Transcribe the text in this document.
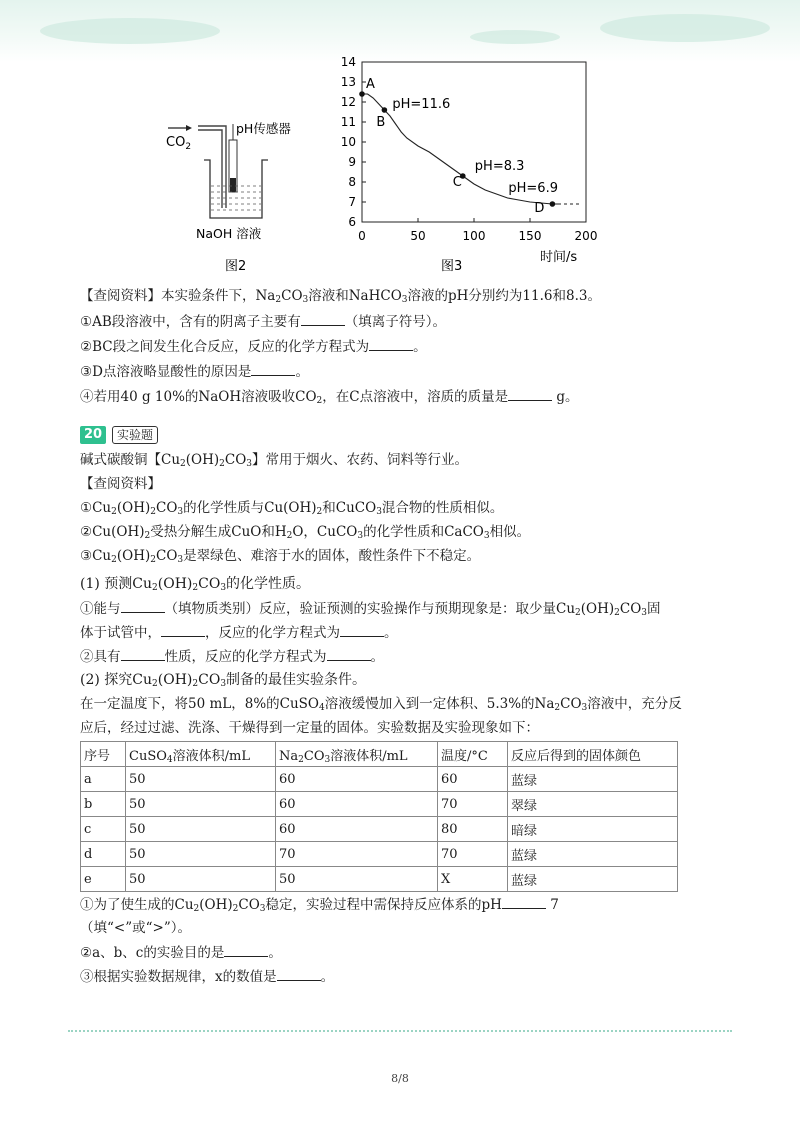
$CO_2$
pH传感器
NaOH 溶液
图2
6
7
8
9
10
11
12
13
14
0	50	100	150	200
A
B
pH=11.6
C
pH=8.3
D
pH=6.9
时间/s
图3
【查阅资料】本实验条件下，$Na_2CO_3$溶液和NaHCO$_3$溶液的pH分别约为11.6和8.3。
①AB段溶液中，含有的阴离子主要有	（填离子符号）。
②BC段之间发生化合反应，反应的化学方程式为	。
③D点溶液略显酸性的原因是	。
④若用40 g 10%的NaOH溶液吸收$CO_2$，在C点溶液中，溶质的质量是	g。
20	实验题
碱式碳酸铜【$Cu_2(OH)_2CO_3$】常用于烟火、农药、饲料等行业。
【查阅资料】
$①Cu_2(OH)_2CO_3$的化学性质与$Cu(OH)_2$和CuCO$_3$混合物的性质相似。
$②Cu(OH)_2$受热分解生成CuO和$H_2O$，CuCO$_3$的化学性质和CaCO$_3$相似。
$③Cu_2(OH)_2CO_3$是翠绿色、难溶于水的固体，酸性条件下不稳定。
(1) 预测$Cu_2(OH)_2CO_3$的化学性质。
①能与	（填物质类别）反应，验证预测的实验操作与预期现象是：取少量$Cu_2(OH)_2CO_3$固
体于试管中，	，反应的化学方程式为	。
②具有	性质，反应的化学方程式为	。
(2) 探究$Cu_2(OH)_2CO_3$制备的最佳实验条件。
在一定温度下，将50 mL，8%的CuSO$_4$溶液缓慢加入到一定体积、5.3%的$Na_2CO_3$溶液中，充分反
应后，经过过滤、洗涤、干燥得到一定量的固体。实验数据及实验现象如下：
序号	CuSO$_4$溶液体积/mL	$Na_2CO_3$溶液体积/mL	温度/°C	反应后得到的固体颜色
a	50	60	60	蓝绿
b	50	60	70	翠绿
c	50	60	80	暗绿
d	50	70	70	蓝绿
e	50	50	X	蓝绿
①为了使生成的$Cu_2(OH)_2CO_3$稳定，实验过程中需保持反应体系的pH	7
（填“<”或“>”）。
②a、b、c的实验目的是	。
③根据实验数据规律，x的数值是	。
8/8
